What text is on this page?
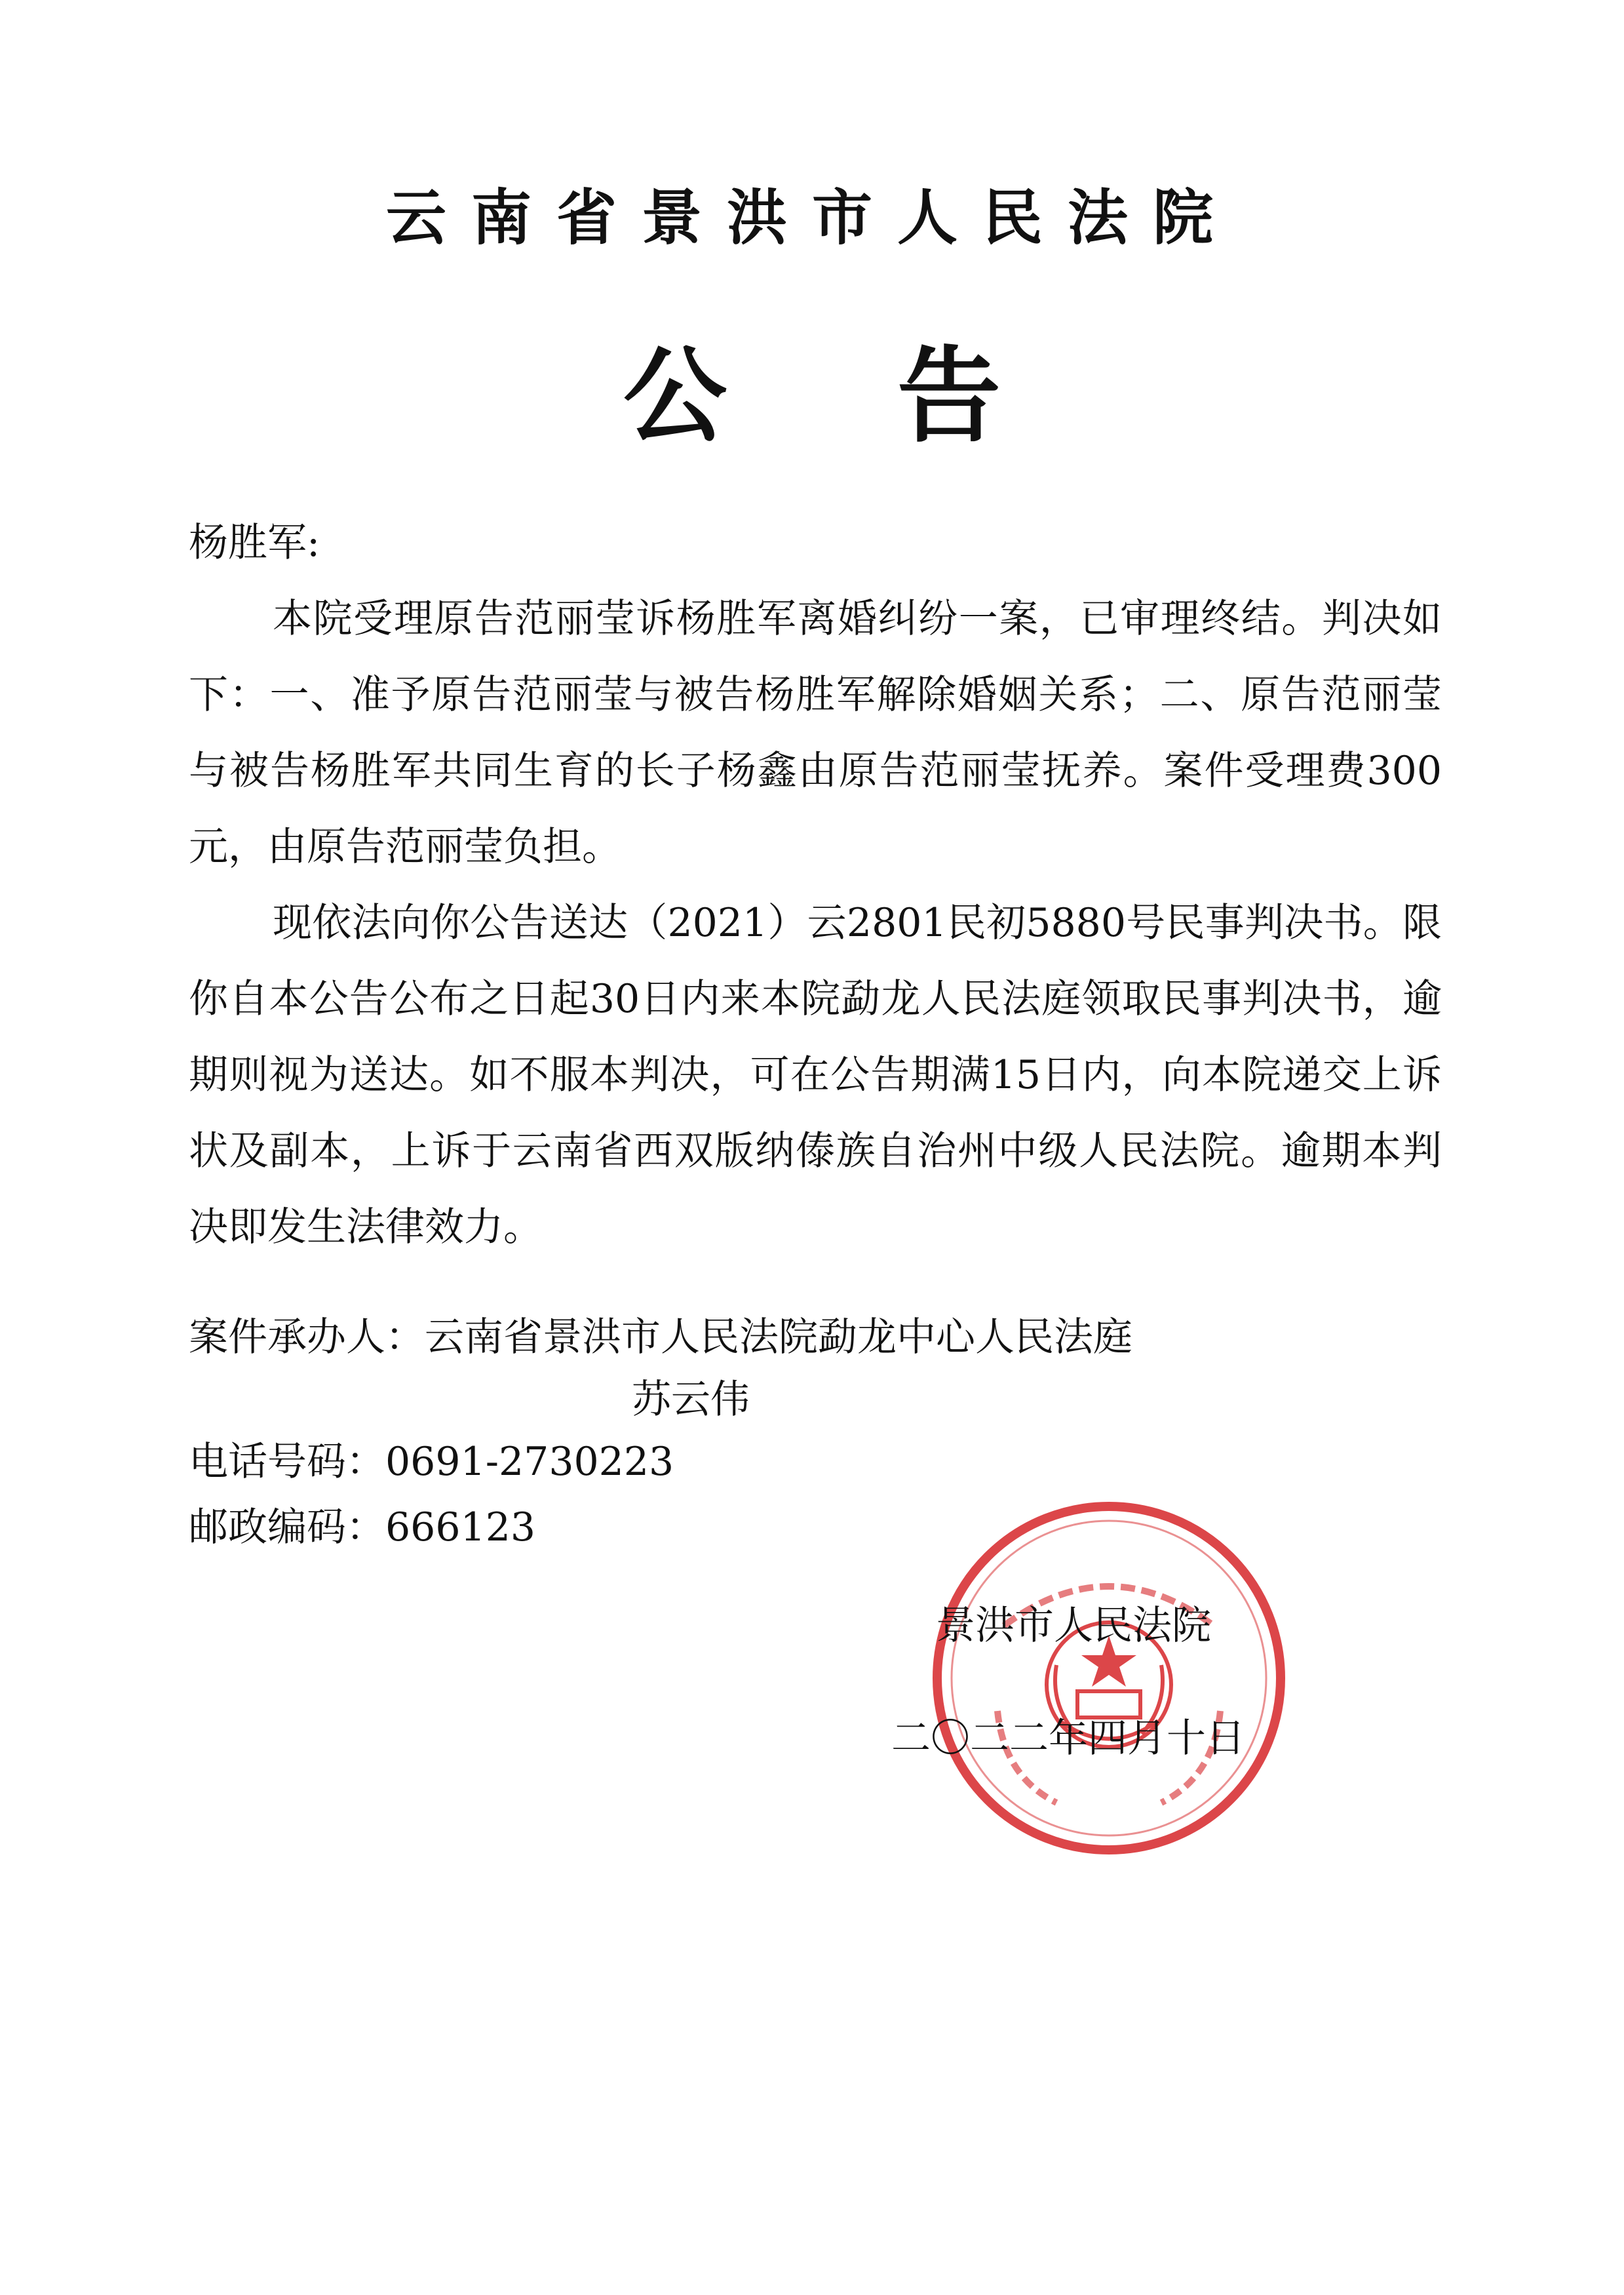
云南省景洪市人民法院
公告

杨胜军:

本院受理原告范丽莹诉杨胜军离婚纠纷一案，已审理终结。判决如下：一、准予原告范丽莹与被告杨胜军解除婚姻关系；二、原告范丽莹与被告杨胜军共同生育的长子杨鑫由原告范丽莹抚养。案件受理费300元，由原告范丽莹负担。

现依法向你公告送达（2021）云2801民初5880号民事判决书。限你自本公告公布之日起30日内来本院勐龙人民法庭领取民事判决书，逾期则视为送达。如不服本判决，可在公告期满15日内，向本院递交上诉状及副本，上诉于云南省西双版纳傣族自治州中级人民法院。逾期本判决即发生法律效力。

案件承办人：云南省景洪市人民法院勐龙中心人民法庭
苏云伟
电话号码：0691-2730223
邮政编码：666123
景洪市人民法院
二〇二二年四月十日
